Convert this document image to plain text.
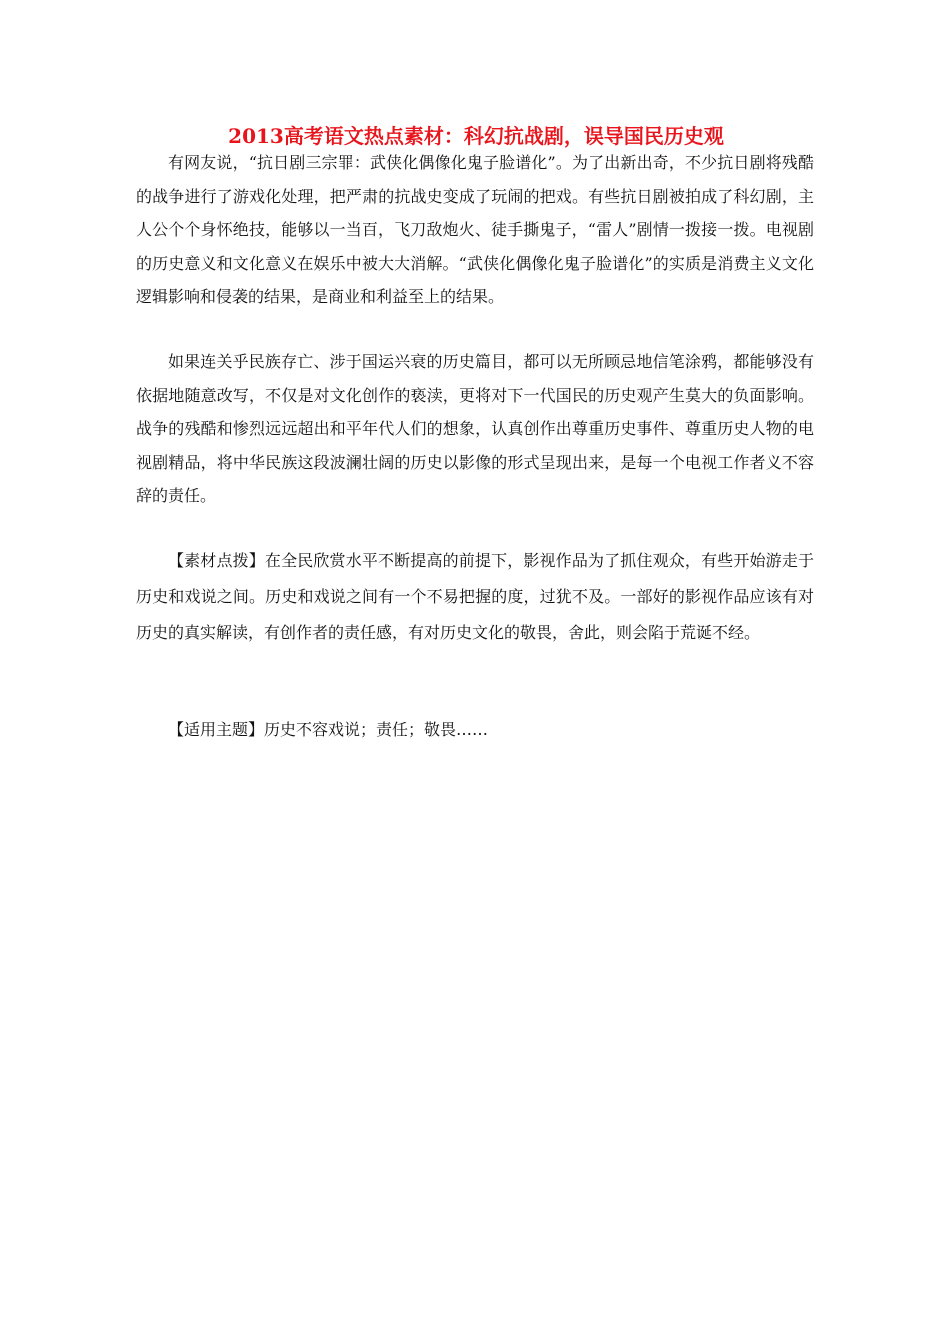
2013高考语文热点素材：科幻抗战剧，误导国民历史观

有网友说，“抗日剧三宗罪：武侠化偶像化鬼子脸谱化”。为了出新出奇，不少抗日剧将残酷的战争进行了游戏化处理，把严肃的抗战史变成了玩闹的把戏。有些抗日剧被拍成了科幻剧，主人公个个身怀绝技，能够以一当百，飞刀敌炮火、徒手撕鬼子，“雷人”剧情一拨接一拨。电视剧的历史意义和文化意义在娱乐中被大大消解。“武侠化偶像化鬼子脸谱化”的实质是消费主义文化逻辑影响和侵袭的结果，是商业和利益至上的结果。

如果连关乎民族存亡、涉于国运兴衰的历史篇目，都可以无所顾忌地信笔涂鸦，都能够没有依据地随意改写，不仅是对文化创作的亵渎，更将对下一代国民的历史观产生莫大的负面影响。战争的残酷和惨烈远远超出和平年代人们的想象，认真创作出尊重历史事件、尊重历史人物的电视剧精品，将中华民族这段波澜壮阔的历史以影像的形式呈现出来，是每一个电视工作者义不容辞的责任。

【素材点拨】在全民欣赏水平不断提高的前提下，影视作品为了抓住观众，有些开始游走于历史和戏说之间。历史和戏说之间有一个不易把握的度，过犹不及。一部好的影视作品应该有对历史的真实解读，有创作者的责任感，有对历史文化的敬畏，舍此，则会陷于荒诞不经。

【适用主题】历史不容戏说；责任；敬畏……
